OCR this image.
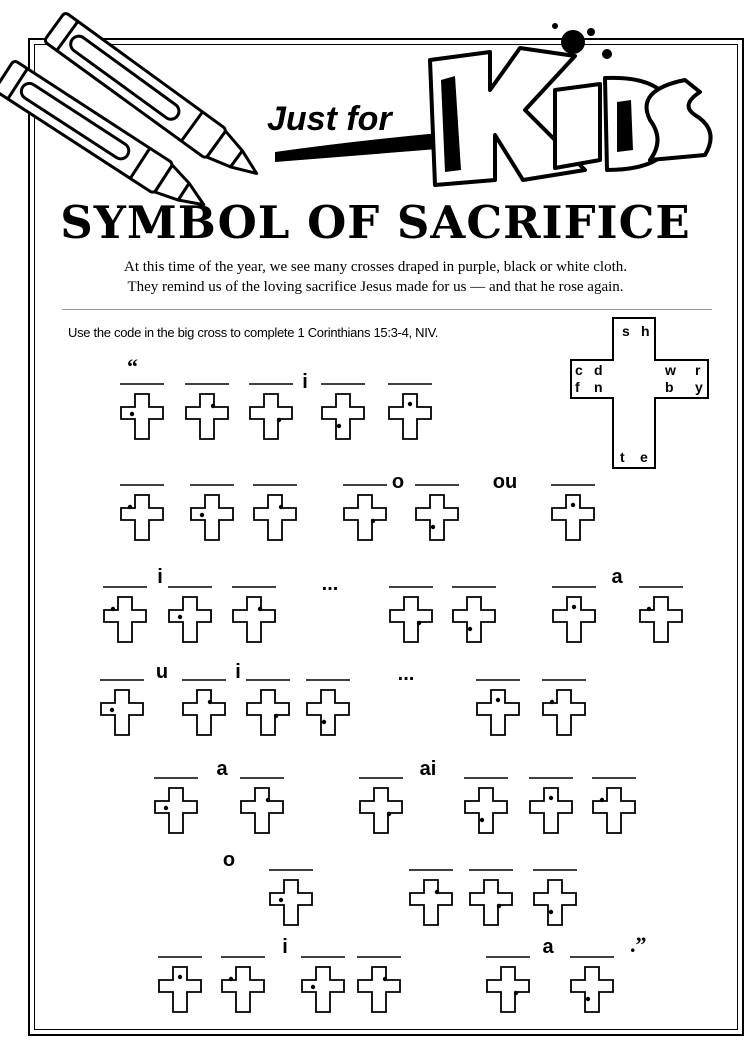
Just for
SYMBOL OF SACRIFICE
At this time of the year, we see many crosses draped in purple, black or white cloth.
They remind us of the loving sacrifice Jesus made for us — and that he rose again.
Use the code in the big cross to complete 1 Corinthians 15:3-4, NIV.	s h
c d	w r
f n	b y
t e
i
o	ou
i	...	a
u	i	...
a	ai
o
i	a
“
.”
